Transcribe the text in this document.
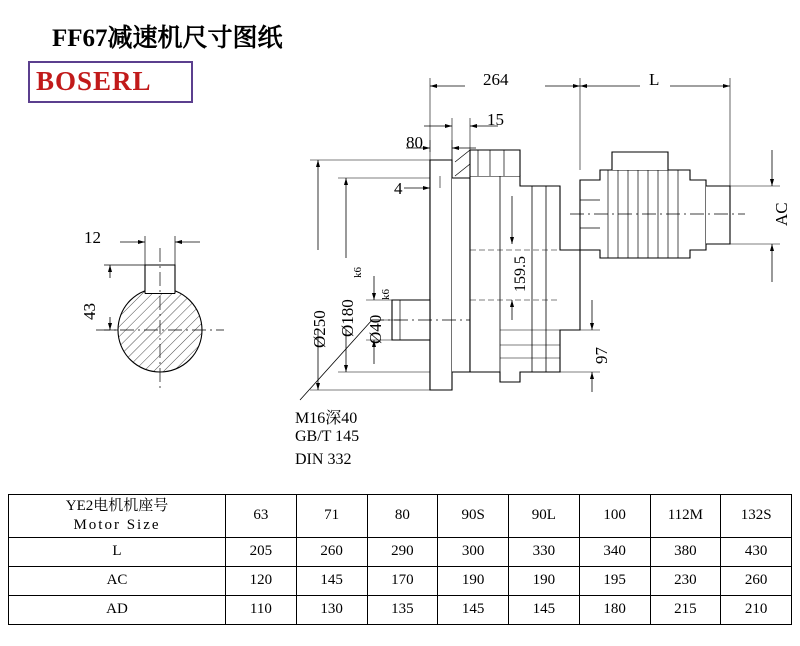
FF67减速机尺寸图纸
BOSERL
12
43
264	L
15
80
4
AC
159.5
97
Ø250 Ø180
k6
Ø40
k6
M16深40
GB/T 145
DIN 332
YE2电机机座号
Motor Size	63	71	80	90S	90L	100	112M	132S
L	205	260	290	300	330	340	380	430
AC	120	145	170	190	190	195	230	260
AD	110	130	135	145	145	180	215	210
